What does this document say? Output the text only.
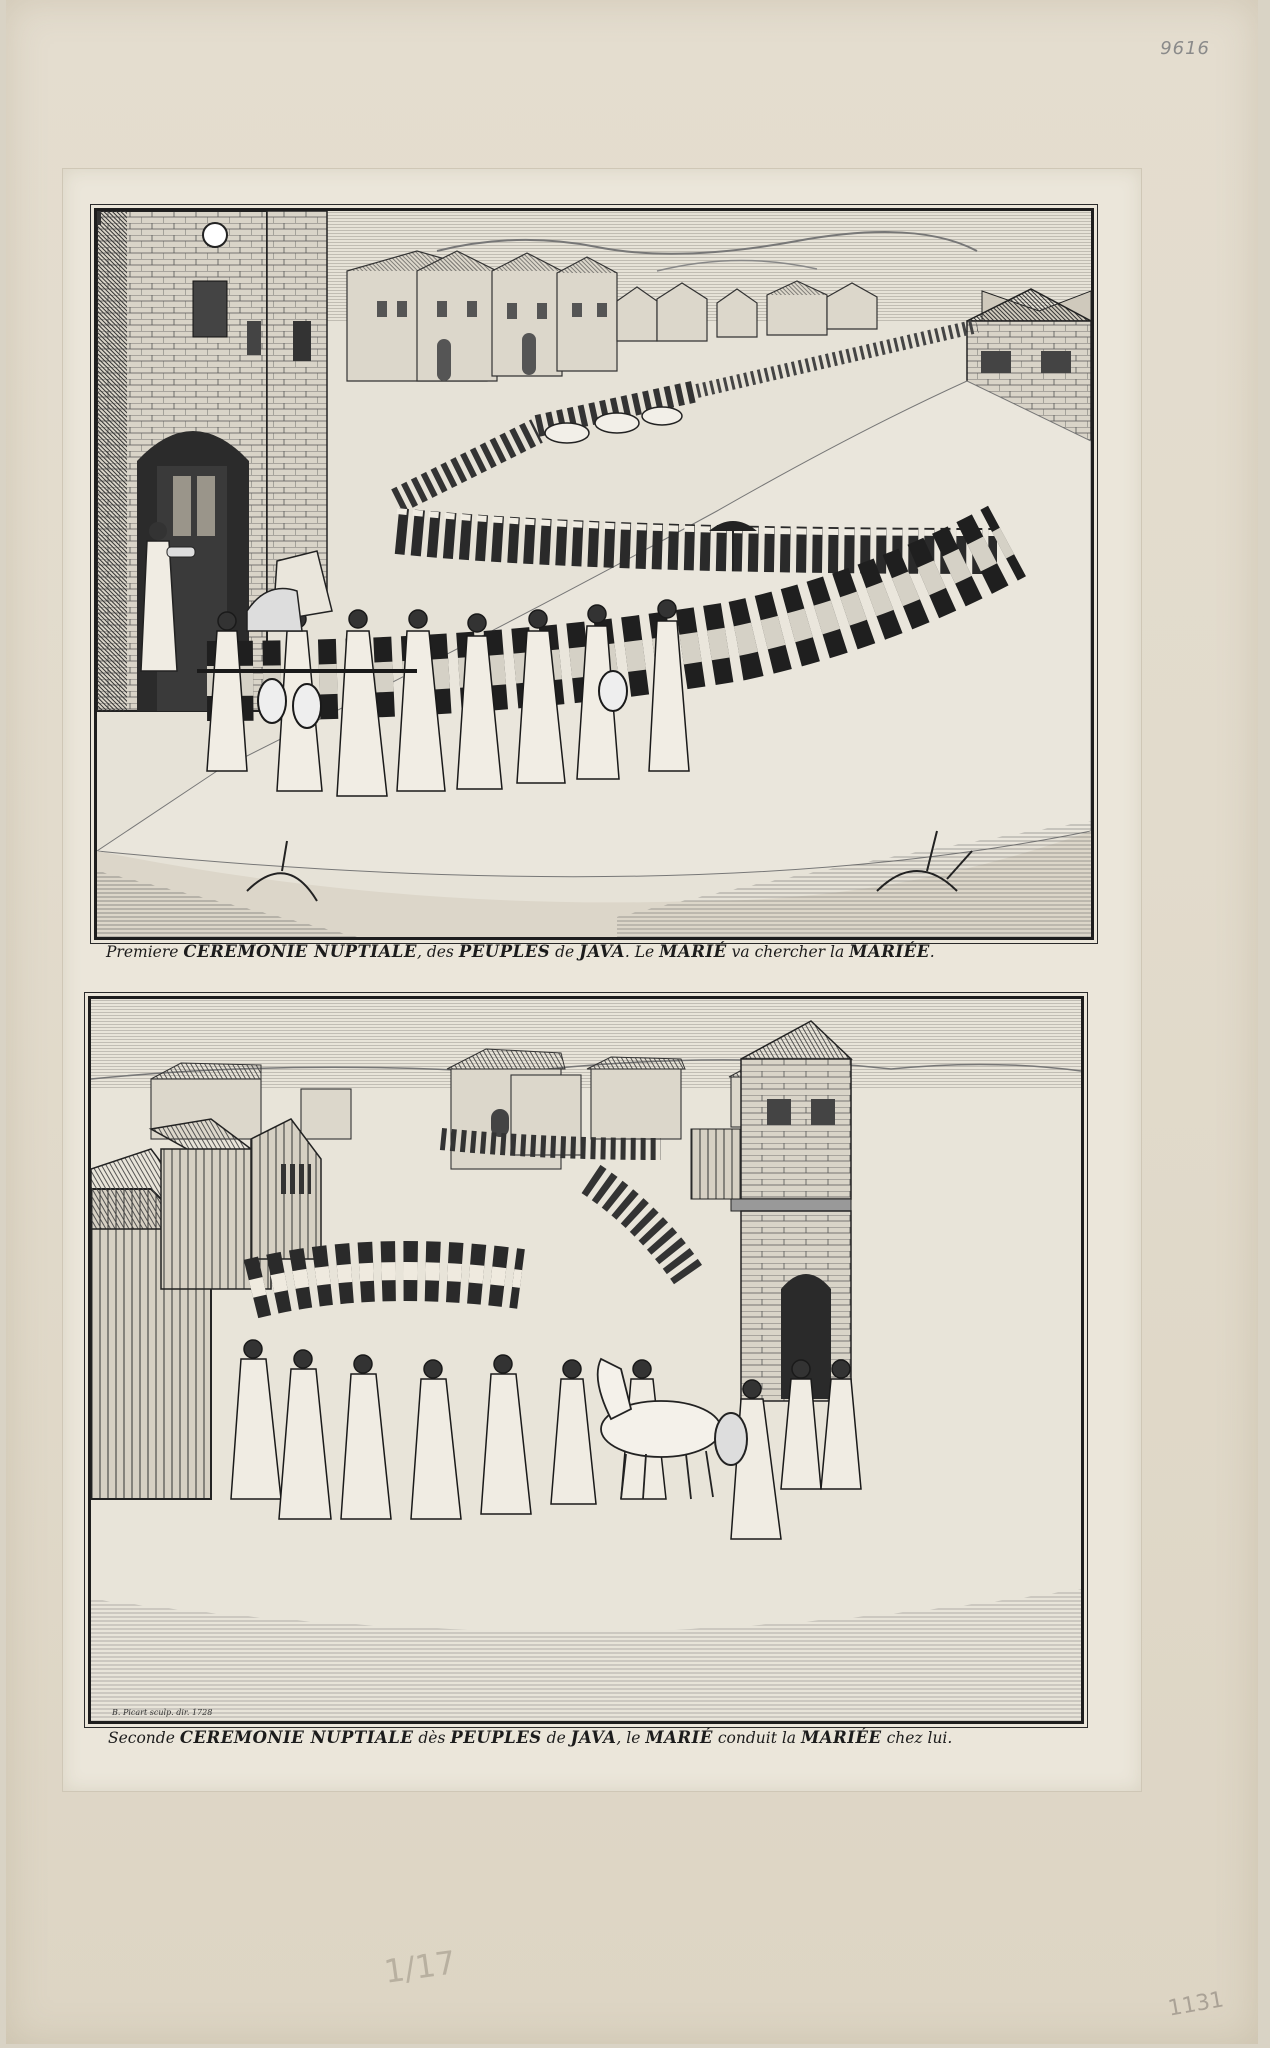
9616
1/17
1131
Premiere CEREMONIE NUPTIALE, des PEUPLES de JAVA. Le MARIÉ va chercher la MARIÉE.
B. Picart sculp. dir. 1728
Seconde CEREMONIE NUPTIALE dès PEUPLES de JAVA, le MARIÉ conduit la MARIÉE chez lui.
